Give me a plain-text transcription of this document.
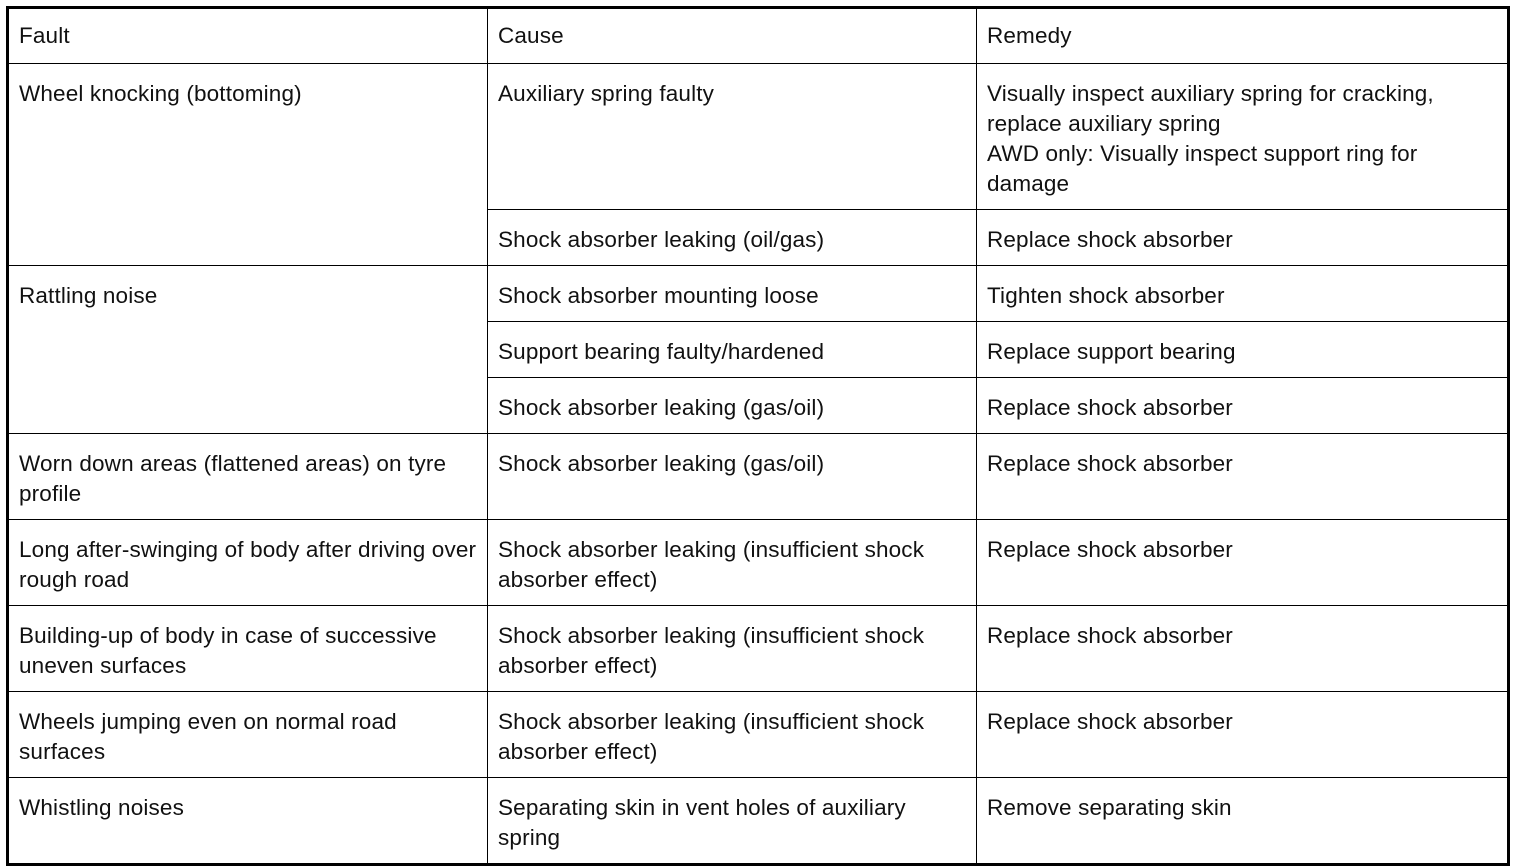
Fault	Cause	Remedy
Wheel knocking (bottoming)	Auxiliary spring faulty	Visually inspect auxiliary spring for cracking, replace auxiliary spring
AWD only: Visually inspect support ring for damage
	Shock absorber leaking (oil/gas)	Replace shock absorber
Rattling noise	Shock absorber mounting loose	Tighten shock absorber
	Support bearing faulty/hardened	Replace support bearing
	Shock absorber leaking (gas/oil)	Replace shock absorber
Worn down areas (flattened areas) on tyre profile	Shock absorber leaking (gas/oil)	Replace shock absorber
Long after-swinging of body after driving over rough road	Shock absorber leaking (insufficient shock absorber effect)	Replace shock absorber
Building-up of body in case of successive uneven surfaces	Shock absorber leaking (insufficient shock absorber effect)	Replace shock absorber
Wheels jumping even on normal road surfaces	Shock absorber leaking (insufficient shock absorber effect)	Replace shock absorber
Whistling noises	Separating skin in vent holes of auxiliary spring	Remove separating skin
